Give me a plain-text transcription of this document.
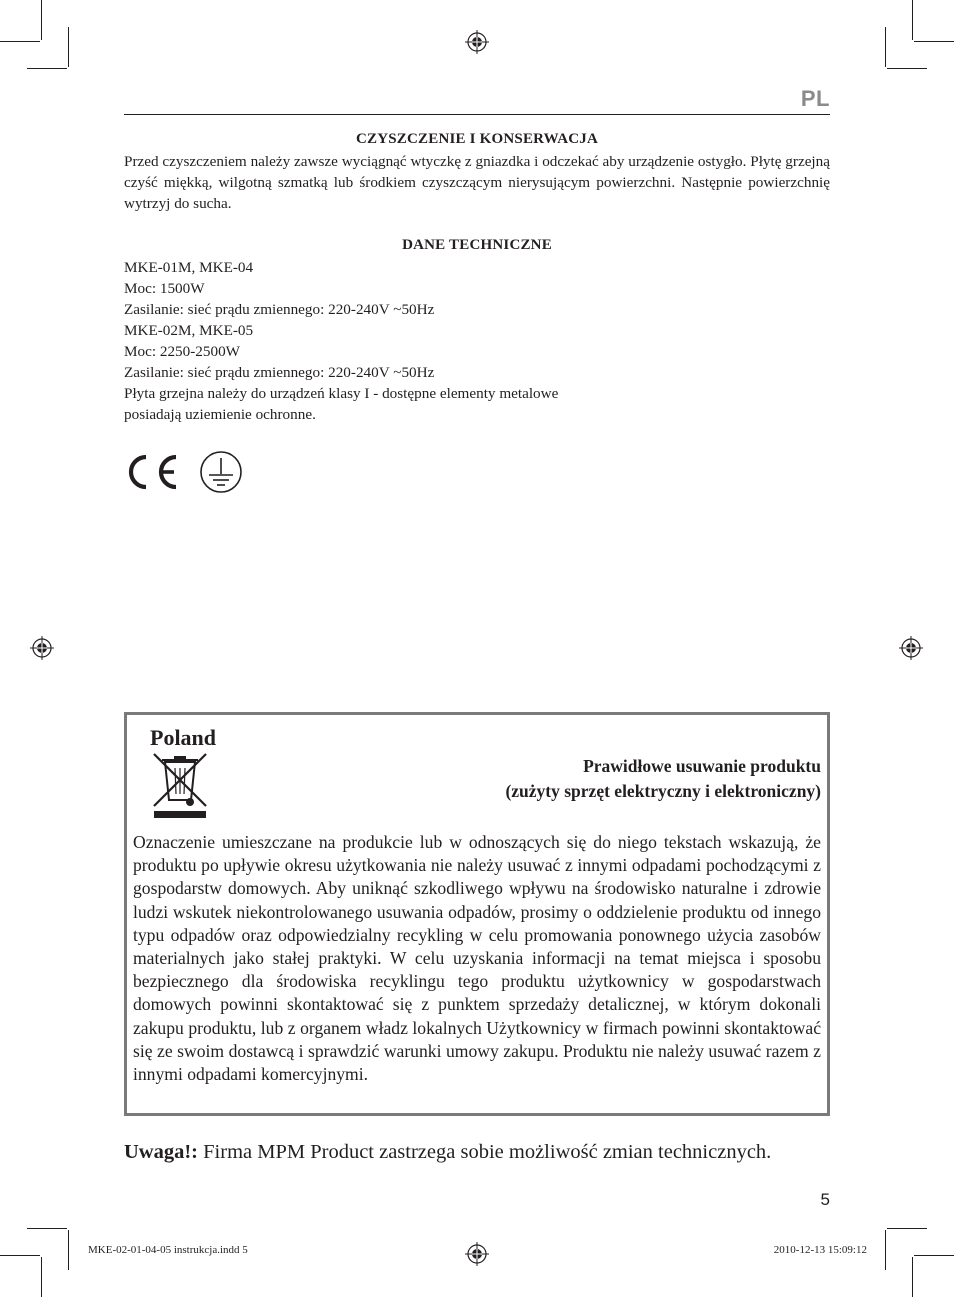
PL
CZYSZCZENIE I KONSERWACJA
Przed czyszczeniem należy zawsze wyciągnąć wtyczkę z gniazdka i odczekać aby urządzenie ostygło. Płytę grzejną czyść miękką, wilgotną szmatką lub środkiem czyszczącym nierysującym powierzchni. Następnie powierzchnię wytrzyj do sucha.
DANE TECHNICZNE
MKE-01M, MKE-04
Moc: 1500W
Zasilanie: sieć prądu zmiennego: 220-240V ~50Hz
MKE-02M, MKE-05
Moc: 2250-2500W
Zasilanie: sieć prądu zmiennego: 220-240V ~50Hz
Płyta grzejna należy do urządzeń klasy I - dostępne elementy metalowe
posiadają uziemienie ochronne.
Poland
Prawidłowe usuwanie produktu
(zużyty sprzęt elektryczny i elektroniczny)
Oznaczenie umieszczane na produkcie lub w odnoszących się do niego tekstach wskazują, że produktu po upływie okresu użytkowania nie należy usuwać z innymi odpadami pochodzącymi z gospodarstw domowych. Aby uniknąć szkodliwego wpływu na środowisko naturalne i zdrowie ludzi wskutek niekontrolowanego usuwania odpadów, prosimy o oddzielenie produktu od innego typu odpadów oraz odpowiedzialny recykling w celu promowania ponownego użycia zasobów materialnych jako stałej praktyki. W celu uzyskania informacji na temat miejsca i sposobu bezpiecznego dla środowiska recyklingu tego produktu użytkownicy w gospodarstwach domowych powinni skontaktować się z punktem sprzedaży detalicznej, w którym dokonali zakupu produktu, lub z organem władz lokalnych Użytkownicy w firmach powinni skontaktować się ze swoim dostawcą i sprawdzić warunki umowy zakupu. Produktu nie należy usuwać razem z innymi odpadami komercyjnymi.
Uwaga!: Firma MPM Product zastrzega sobie możliwość zmian technicznych.
5
MKE-02-01-04-05 instrukcja.indd 5	2010-12-13 15:09:12
